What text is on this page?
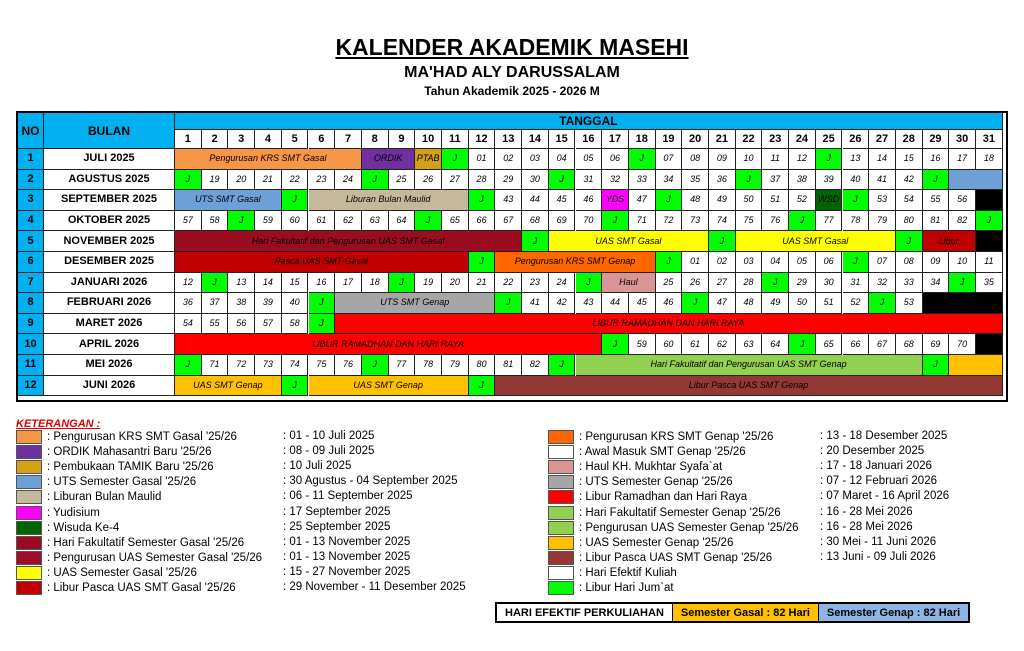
KALENDER AKADEMIK MASEHI
MA'HAD ALY DARUSSALAM
Tahun Akademik 2025 - 2026 M
NO	BULAN
TANGGAL
1	2	3	4	5	6	7	8	9	10	11	12	13	14	15	16	17	18	19	20	21	22	23	24	25	26	27	28	29	30	31
1	JULI 2025	Pengurusan KRS SMT Gasal	ORDIK	PTAB	J	01	02	03	04	05	06	J	07	08	09	10	11	12	J	13	14	15	16	17	18
2	AGUSTUS 2025	J	19	20	21	22	23	24	J	25	26	27	28	29	30	J	31	32	33	34	35	36	J	37	38	39	40	41	42	J
3	SEPTEMBER 2025	UTS SMT Gasal	J	Liburan Bulan Maulid	J	43	44	45	46	YDS	47	J	48	49	50	51	52	WSD	J	53	54	55	56
4	OKTOBER 2025	57	58	J	59	60	61	62	63	64	J	65	66	67	68	69	70	J	71	72	73	74	75	76	J	77	78	79	80	81	82	J
5	NOVEMBER 2025	Hari Fakultatif dan Pengurusan UAS SMT Gasal	J	UAS SMT Gasal	J	UAS SMT Gasal	J	Libur
6	DESEMBER 2025	Pasca UAS SMT Gasal	J	Pengurusan KRS SMT Genap	J	01	02	03	04	05	06	J	07	08	09	10	11
7	JANUARI 2026	12	J	13	14	15	16	17	18	J	19	20	21	22	23	24	J	Haul	25	26	27	28	J	29	30	31	32	33	34	J	35
8	FEBRUARI 2026	36	37	38	39	40	J	UTS SMT Genap	J	41	42	43	44	45	46	J	47	48	49	50	51	52	J	53
9	MARET 2026	54	55	56	57	58	J	LIBUR RAMADHAN DAN HARI RAYA
10	APRIL 2026	LIBUR RAMADHAN DAN HARI RAYA	J	59	60	61	62	63	64	J	65	66	67	68	69	70
11	MEI 2026	J	71	72	73	74	75	76	J	77	78	79	80	81	82	J	Hari Fakultatif dan Pengurusan UAS SMT Genap	J
12	JUNI 2026	UAS SMT Genap	J	UAS SMT Genap	J	Libur Pasca UAS SMT Genap
KETERANGAN :
: Pengurusan KRS SMT Gasal '25/26	: 01 - 10 Juli 2025
: ORDIK Mahasantri Baru '25/26	: 08 - 09 Juli 2025
: Pembukaan TAMIK Baru '25/26	: 10 Juli 2025
: UTS Semester Gasal '25/26	: 30 Agustus - 04 September 2025
: Liburan Bulan Maulid	: 06 - 11 September 2025
: Yudisium	: 17 September 2025
: Wisuda Ke-4	: 25 September 2025
: Hari Fakultatif Semester Gasal '25/26	: 01 - 13 November 2025
: Pengurusan UAS Semester Gasal '25/26 : 01 - 13 November 2025
: UAS Semester Gasal '25/26	: 15 - 27 November 2025
: Libur Pasca UAS SMT Gasal '25/26	: 29 November - 11 Desember 2025
: Pengurusan KRS SMT Genap '25/26	: 13 - 18 Desember 2025
: Awal Masuk SMT Genap '25/26	: 20 Desember 2025
: Haul KH. Mukhtar Syafa`at	: 17 - 18 Januari 2026
: UTS Semester Genap '25/26	: 07 - 12 Februari 2026
: Libur Ramadhan dan Hari Raya	: 07 Maret - 16 April 2026
: Hari Fakultatif Semester Genap '25/26	: 16 - 28 Mei 2026
: Pengurusan UAS Semester Genap '25/26 : 16 - 28 Mei 2026
: UAS Semester Genap '25/26	: 30 Mei - 11 Juni 2026
: Libur Pasca UAS SMT Genap '25/26	: 13 Juni - 09 Juli 2026
: Hari Efektif Kuliah
: Libur Hari Jum`at
HARI EFEKTIF PERKULIAHAN	Semester Gasal : 82 Hari	Semester Genap : 82 Hari
